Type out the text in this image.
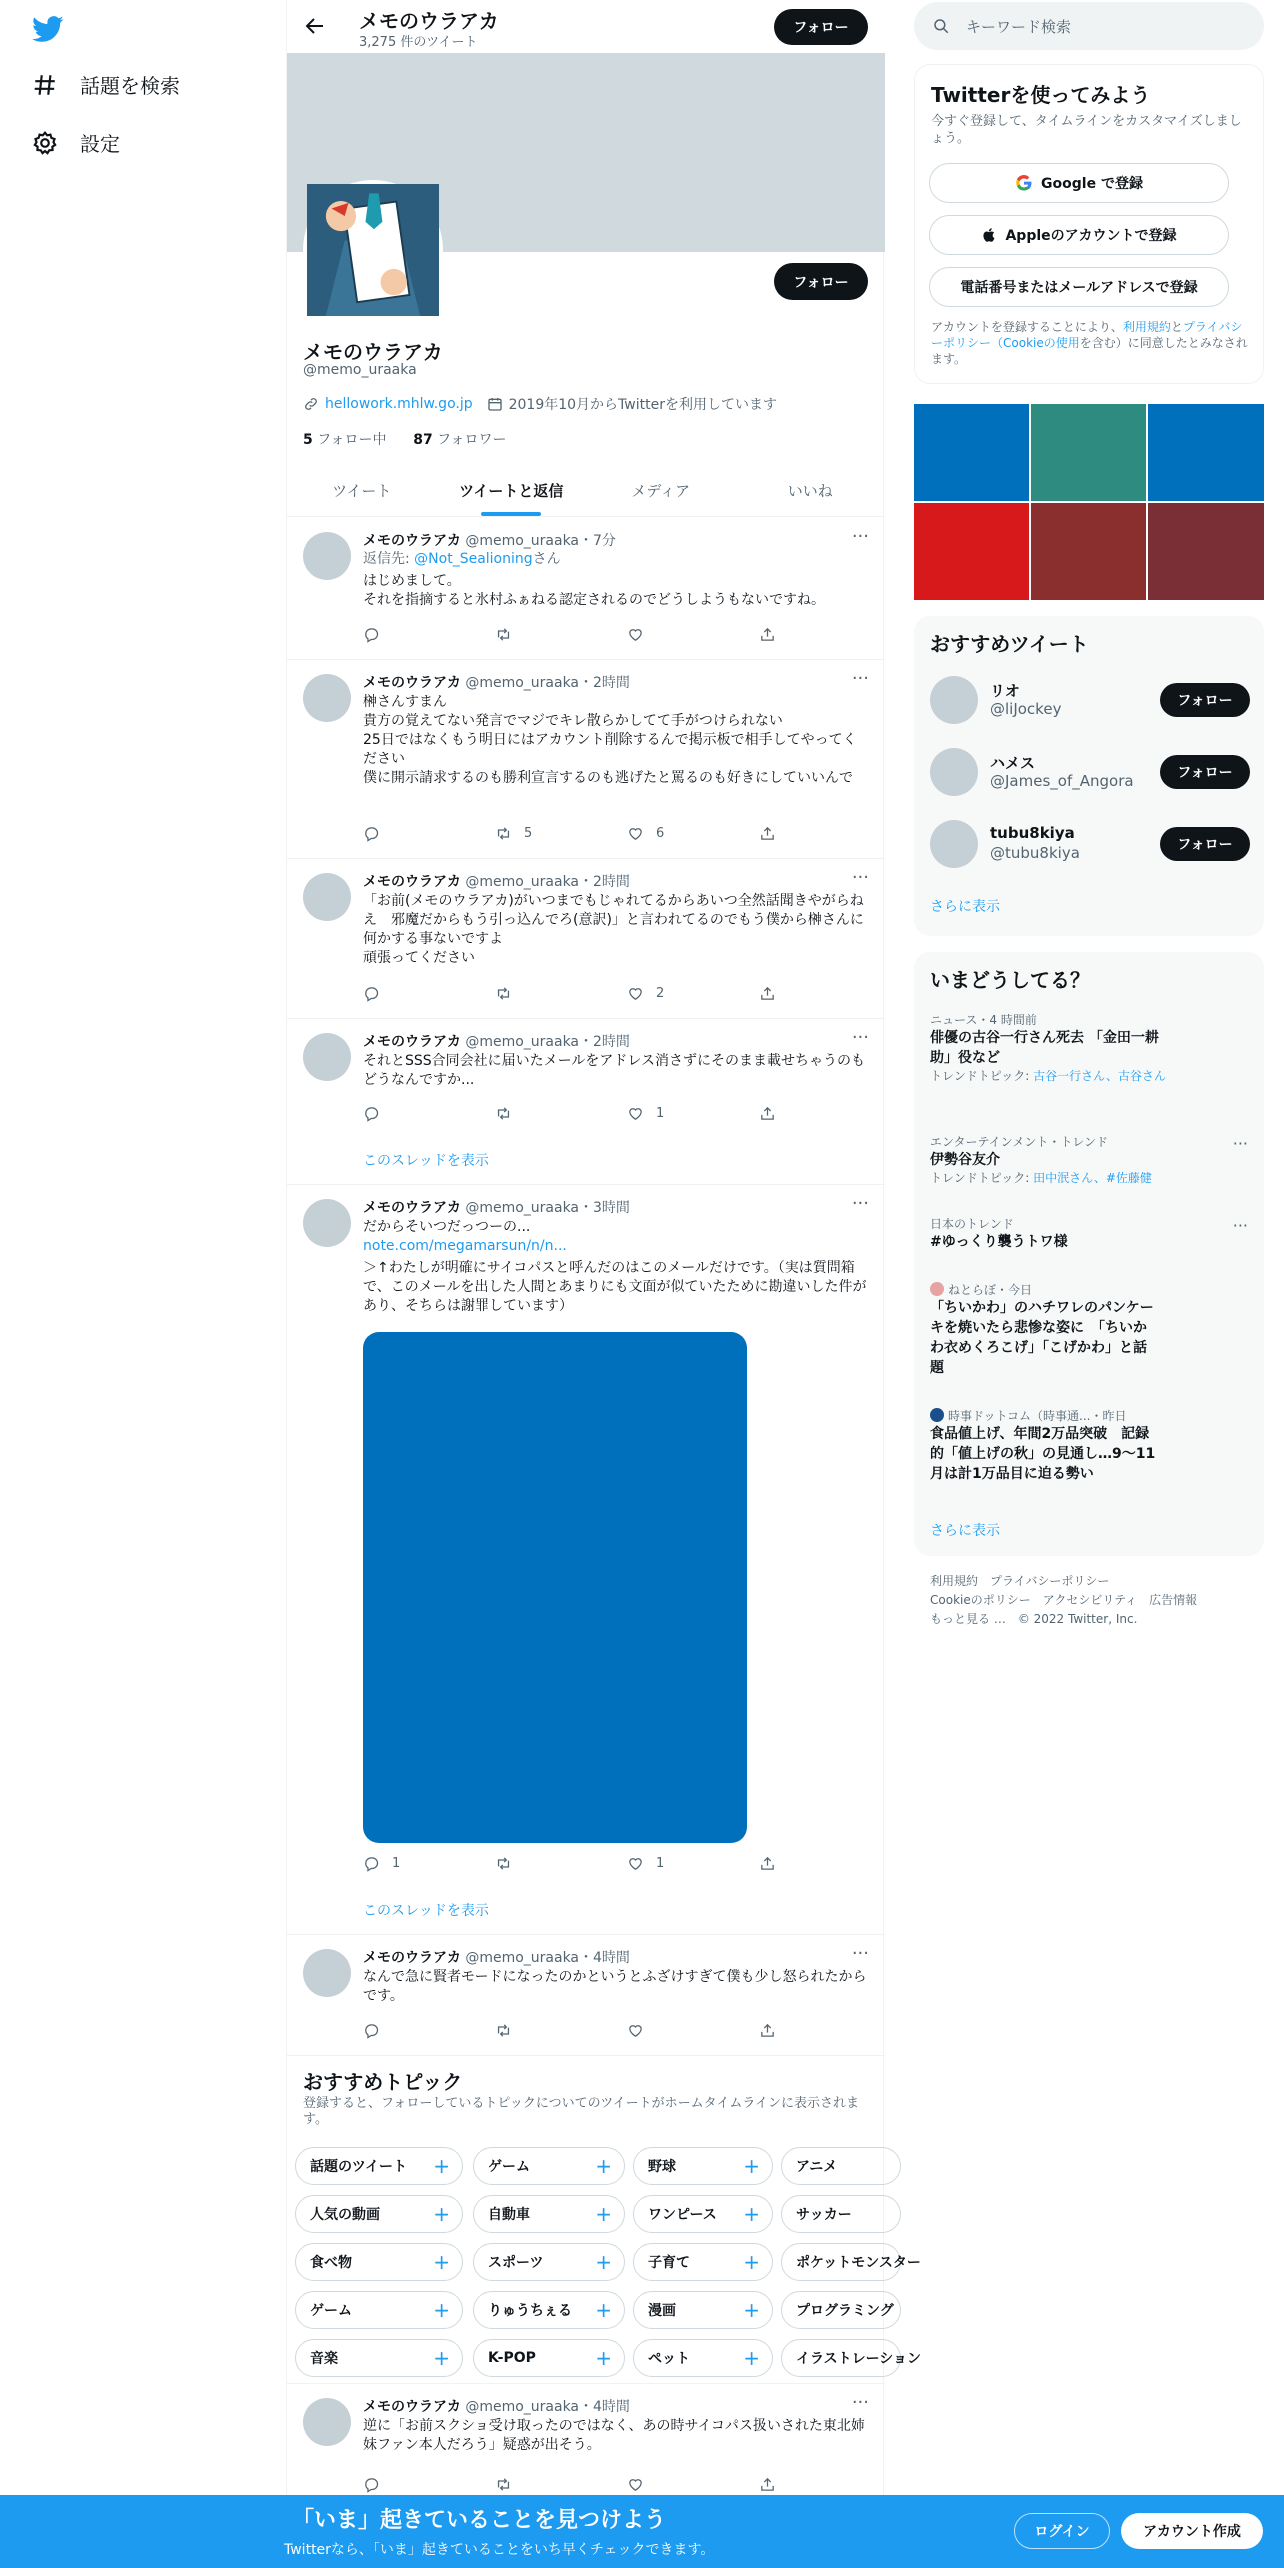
話題を検索
設定
メモのウラアカ
3,275 件のツイート
フォロー
フォロー
メモのウラアカ
@memo_uraaka
hellowork.mhlw.go.jp	2019年10月からTwitterを利用しています
5 フォロー中 87 フォロワー
ツイート	ツイートと返信	メディア	いいね
メモのウラアカ @memo_uraaka・7分	···
返信先: @Not_Sealioningさん
はじめまして。
それを指摘すると氷村ふぁねる認定されるのでどうしようもないですね。
メモのウラアカ @memo_uraaka・2時間	···
榊さんすまん
貴方の覚えてない発言でマジでキレ散らかしてて手がつけられない
25日ではなくもう明日にはアカウント削除するんで掲示板で相手してやってください
僕に開示請求するのも勝利宣言するのも逃げたと罵るのも好きにしていいんで
5	6
メモのウラアカ @memo_uraaka・2時間	···
「お前(メモのウラアカ)がいつまでもじゃれてるからあいつ全然話聞きやがらねえ　邪魔だからもう引っ込んでろ(意訳)」と言われてるのでもう僕から榊さんに何かする事ないですよ
頑張ってください
2
メモのウラアカ @memo_uraaka・2時間	···
それとSSS合同会社に届いたメールをアドレス消さずにそのまま載せちゃうのもどうなんですか...
1
このスレッドを表示
メモのウラアカ @memo_uraaka・3時間	···
だからそいつだっつーの...
note.com/megamarsun/n/n...
＞↑わたしが明確にサイコパスと呼んだのはこのメールだけです。（実は質問箱で、このメールを出した人間とあまりにも文面が似ていたために勘違いした件があり、そちらは謝罪しています）
1	1
このスレッドを表示
メモのウラアカ @memo_uraaka・4時間	···
なんで急に賢者モードになったのかというとふざけすぎて僕も少し怒られたからです。
おすすめトピック
登録すると、フォローしているトピックについてのツイートがホームタイムラインに表示されます。
話題のツイート +	ゲーム	+	野球	+	アニメ
人気の動画	+	自動車	+	ワンピース +	サッカー
食べ物	+	スポーツ	+	子育て	+	ポケットモンスター
ゲーム	+	りゅうちぇる +	漫画	+	プログラミング
音楽	+	K-POP	+	ペット	+	イラストレーション
メモのウラアカ @memo_uraaka・4時間	···
逆に「お前スクショ受け取ったのではなく、あの時サイコパス扱いされた東北姉妹ファン本人だろう」疑惑が出そう。
キーワード検索
Twitterを使ってみよう
今すぐ登録して、タイムラインをカスタマイズしましょう。
Google で登録
Appleのアカウントで登録
電話番号またはメールアドレスで登録
アカウントを登録することにより、利用規約とプライバシーポリシー（Cookieの使用を含む）に同意したとみなされます。
おすすめツイート
リオ
@liJockey	フォロー
ハメス
@James_of_Angora	フォロー
tubu8kiya
@tubu8kiya	フォロー
さらに表示
いまどうしてる？
ニュース・4 時間前
俳優の古谷一行さん死去 「金田一耕助」役など
トレンドトピック: 古谷一行さん、古谷さん
エンターテインメント・トレンド
伊勢谷友介
トレンドトピック: 田中泯さん、#佐藤健
···
日本のトレンド
#ゆっくり襲うトワ様
···
ねとらぼ・今日
「ちいかわ」のハチワレのパンケーキを焼いたら悲惨な姿に　「ちいかわ衣めくろこげ」「こげかわ」と話題
時事ドットコム（時事通...・昨日
食品値上げ、年間2万品突破　記録的「値上げの秋」の見通し…9～11月は計1万品目に迫る勢い
さらに表示
利用規約　プライバシーポリシー
Cookieのポリシー　アクセシビリティ　広告情報
もっと見る …　© 2022 Twitter, Inc.
「いま」起きていることを見つけよう
Twitterなら、「いま」起きていることをいち早くチェックできます。
ログイン	アカウント作成
